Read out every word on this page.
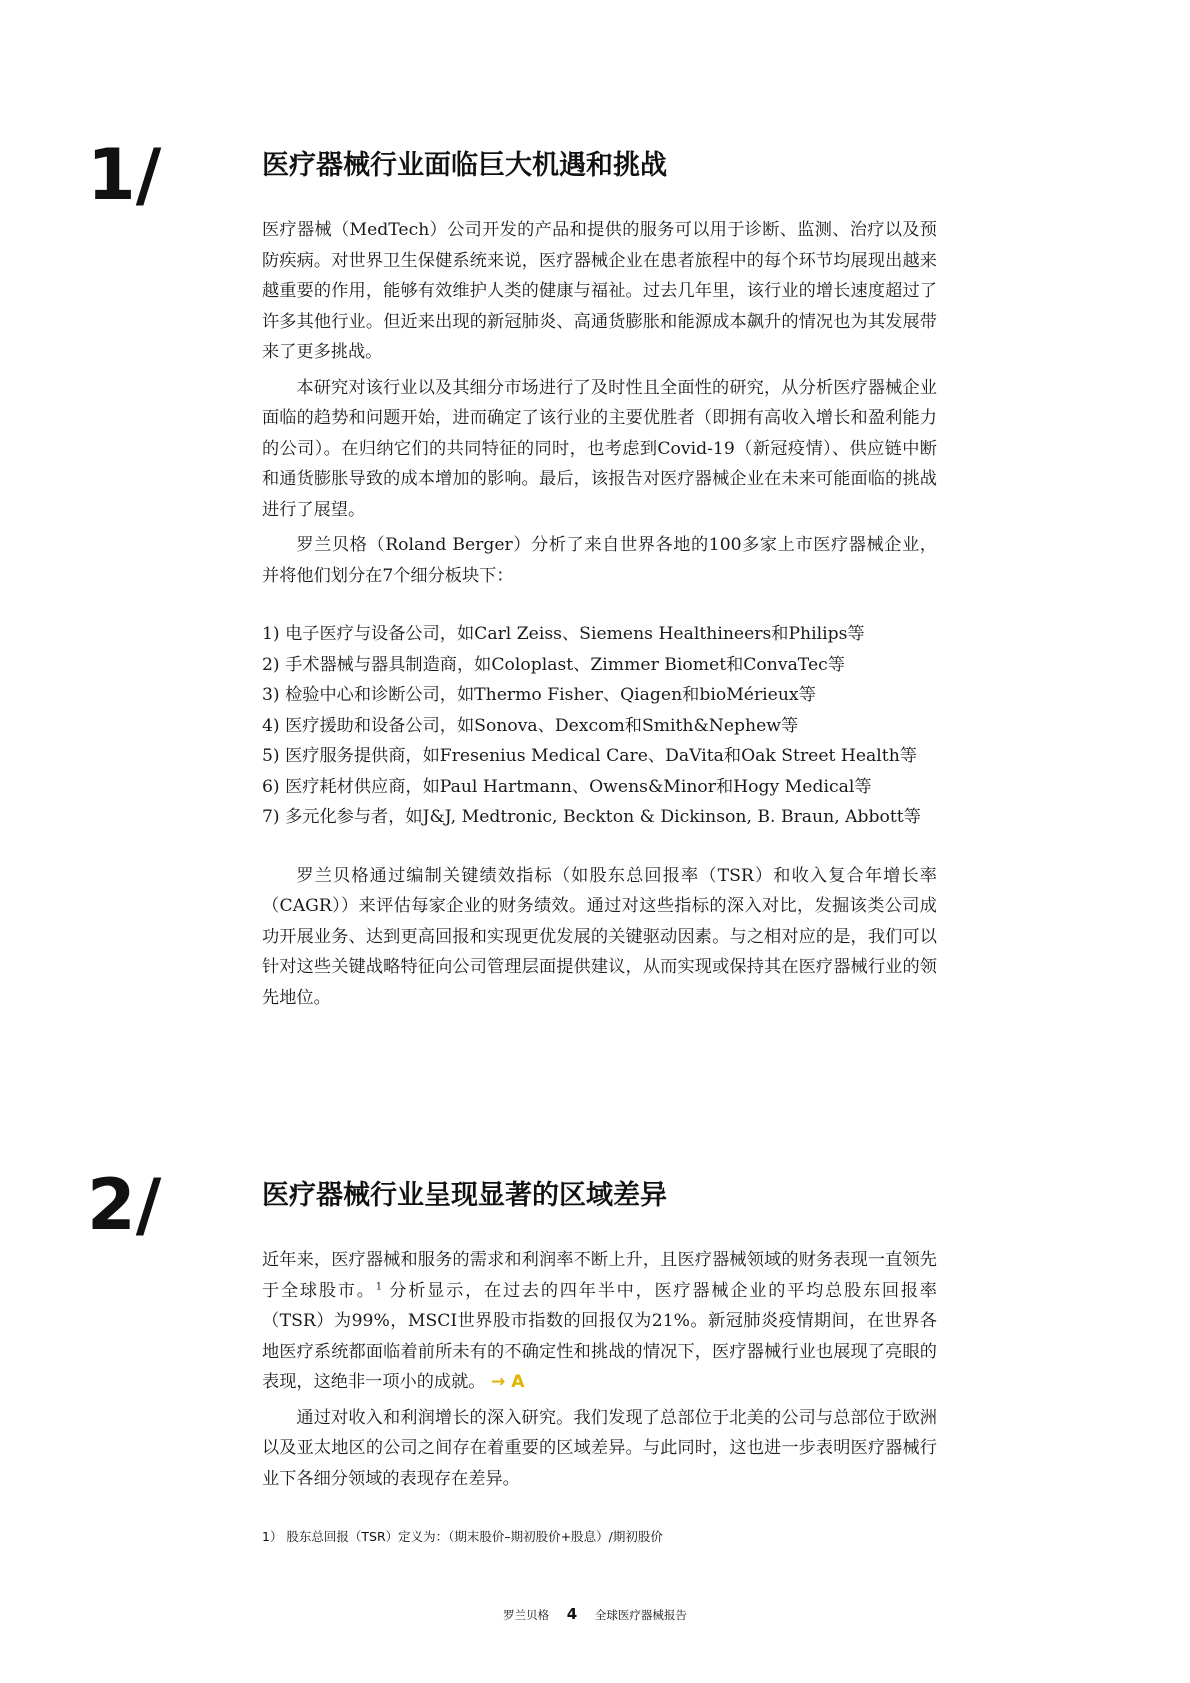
1/	医疗器械行业面临巨大机遇和挑战

医疗器械（MedTech）公司开发的产品和提供的服务可以用于诊断、监测、治疗以及预防疾病。对世界卫生保健系统来说，医疗器械企业在患者旅程中的每个环节均展现出越来越重要的作用，能够有效维护人类的健康与福祉。过去几年里，该行业的增长速度超过了许多其他行业。但近来出现的新冠肺炎、高通货膨胀和能源成本飙升的情况也为其发展带来了更多挑战。

本研究对该行业以及其细分市场进行了及时性且全面性的研究，从分析医疗器械企业面临的趋势和问题开始，进而确定了该行业的主要优胜者（即拥有高收入增长和盈利能力的公司）。在归纳它们的共同特征的同时，也考虑到Covid-19（新冠疫情）、供应链中断和通货膨胀导致的成本增加的影响。最后，该报告对医疗器械企业在未来可能面临的挑战进行了展望。

罗兰贝格（Roland Berger）分析了来自世界各地的100多家上市医疗器械企业，并将他们划分在7个细分板块下：

1) 电子医疗与设备公司，如Carl Zeiss、Siemens Healthineers和Philips等
2) 手术器械与器具制造商，如Coloplast、Zimmer Biomet和ConvaTec等
3) 检验中心和诊断公司，如Thermo Fisher、Qiagen和bioMérieux等
4) 医疗援助和设备公司，如Sonova、Dexcom和Smith&Nephew等
5) 医疗服务提供商，如Fresenius Medical Care、DaVita和Oak Street Health等
6) 医疗耗材供应商，如Paul Hartmann、Owens&Minor和Hogy Medical等
7) 多元化参与者，如J&J, Medtronic, Beckton & Dickinson, B. Braun, Abbott等

罗兰贝格通过编制关键绩效指标（如股东总回报率（TSR）和收入复合年增长率（CAGR））来评估每家企业的财务绩效。通过对这些指标的深入对比，发掘该类公司成功开展业务、达到更高回报和实现更优发展的关键驱动因素。与之相对应的是，我们可以针对这些关键战略特征向公司管理层面提供建议，从而实现或保持其在医疗器械行业的领先地位。

2/	医疗器械行业呈现显著的区域差异

近年来，医疗器械和服务的需求和利润率不断上升，且医疗器械领域的财务表现一直领先于全球股市。$^1$ 分析显示，在过去的四年半中，医疗器械企业的平均总股东回报率（TSR）为99%，MSCI世界股市指数的回报仅为21%。新冠肺炎疫情期间，在世界各地医疗系统都面临着前所未有的不确定性和挑战的情况下，医疗器械行业也展现了亮眼的表现，这绝非一项小的成就。 → A

通过对收入和利润增长的深入研究。我们发现了总部位于北美的公司与总部位于欧洲以及亚太地区的公司之间存在着重要的区域差异。与此同时，这也进一步表明医疗器械行业下各细分领域的表现存在差异。

1） 股东总回报（TSR）定义为：（期末股价–期初股价+股息）/期初股价
罗兰贝格 4 全球医疗器械报告
